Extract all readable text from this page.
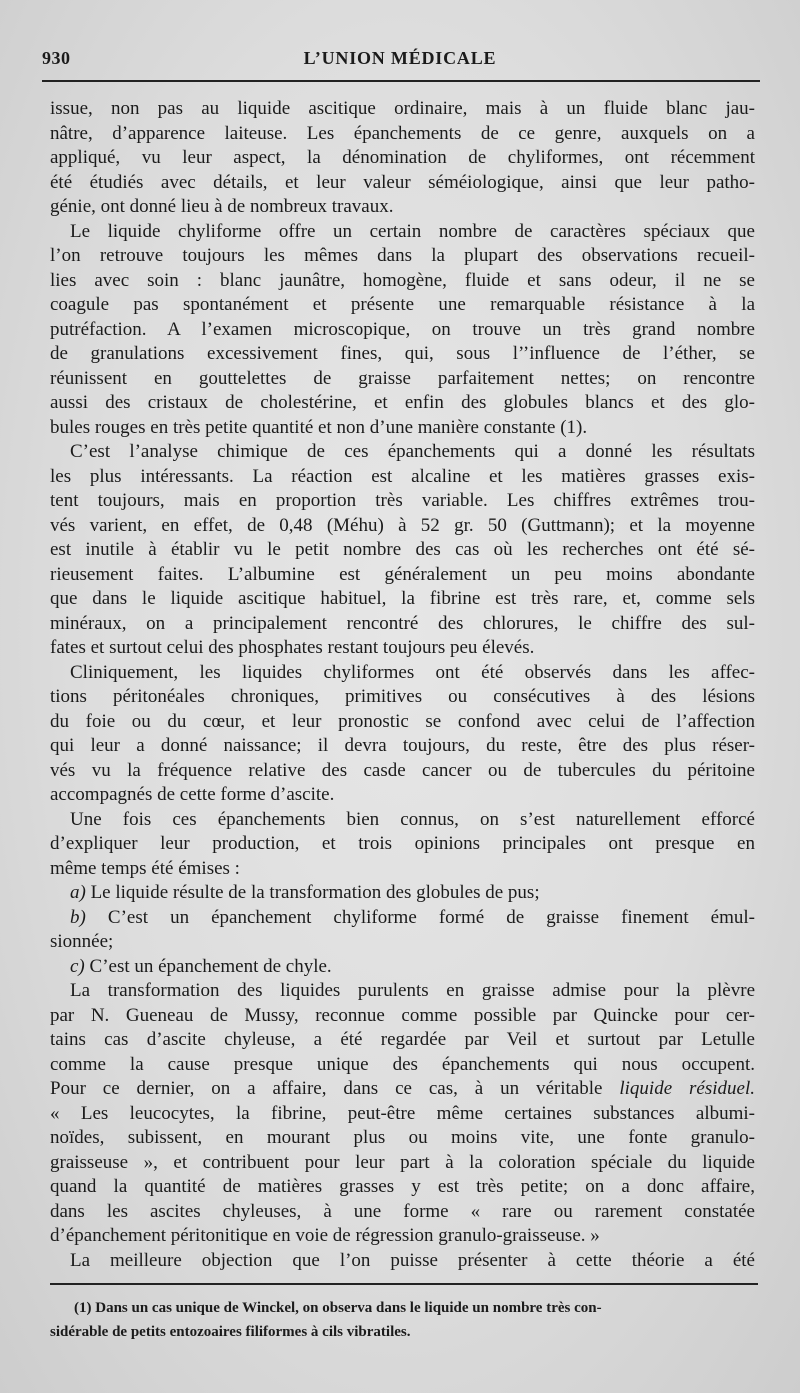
930	L’UNION MÉDICALE
issue, non pas au liquide ascitique ordinaire, mais à un fluide blanc jau-
nâtre, d’apparence laiteuse. Les épanchements de ce genre, auxquels on a
appliqué, vu leur aspect, la dénomination de chyliformes, ont récemment
été étudiés avec détails, et leur valeur séméiologique, ainsi que leur patho-
génie, ont donné lieu à de nombreux travaux.
Le liquide chyliforme offre un certain nombre de caractères spéciaux que
l’on retrouve toujours les mêmes dans la plupart des observations recueil-
lies avec soin : blanc jaunâtre, homogène, fluide et sans odeur, il ne se
coagule pas spontanément et présente une remarquable résistance à la
putréfaction. A l’examen microscopique, on trouve un très grand nombre
de granulations excessivement fines, qui, sous l’’influence de l’éther, se
réunissent en gouttelettes de graisse parfaitement nettes; on rencontre
aussi des cristaux de cholestérine, et enfin des globules blancs et des glo-
bules rouges en très petite quantité et non d’une manière constante (1).
C’est l’analyse chimique de ces épanchements qui a donné les résultats
les plus intéressants. La réaction est alcaline et les matières grasses exis-
tent toujours, mais en proportion très variable. Les chiffres extrêmes trou-
vés varient, en effet, de 0,48 (Méhu) à 52 gr. 50 (Guttmann); et la moyenne
est inutile à établir vu le petit nombre des cas où les recherches ont été sé-
rieusement faites. L’albumine est généralement un peu moins abondante
que dans le liquide ascitique habituel, la fibrine est très rare, et, comme sels
minéraux, on a principalement rencontré des chlorures, le chiffre des sul-
fates et surtout celui des phosphates restant toujours peu élevés.
Cliniquement, les liquides chyliformes ont été observés dans les affec-
tions péritonéales chroniques, primitives ou consécutives à des lésions
du foie ou du cœur, et leur pronostic se confond avec celui de l’affection
qui leur a donné naissance; il devra toujours, du reste, être des plus réser-
vés vu la fréquence relative des casde cancer ou de tubercules du péritoine
accompagnés de cette forme d’ascite.
Une fois ces épanchements bien connus, on s’est naturellement efforcé
d’expliquer leur production, et trois opinions principales ont presque en
même temps été émises :
a) Le liquide résulte de la transformation des globules de pus;
b) C’est un épanchement chyliforme formé de graisse finement émul-
sionnée;
c) C’est un épanchement de chyle.
La transformation des liquides purulents en graisse admise pour la plèvre
par N. Gueneau de Mussy, reconnue comme possible par Quincke pour cer-
tains cas d’ascite chyleuse, a été regardée par Veil et surtout par Letulle
comme la cause presque unique des épanchements qui nous occupent.
Pour ce dernier, on a affaire, dans ce cas, à un véritable liquide résiduel.
« Les leucocytes, la fibrine, peut-être même certaines substances albumi-
noïdes, subissent, en mourant plus ou moins vite, une fonte granulo-
graisseuse », et contribuent pour leur part à la coloration spéciale du liquide
quand la quantité de matières grasses y est très petite; on a donc affaire,
dans les ascites chyleuses, à une forme « rare ou rarement constatée
d’épanchement péritonitique en voie de régression granulo-graisseuse. »
La meilleure objection que l’on puisse présenter à cette théorie a été
(1) Dans un cas unique de Winckel, on observa dans le liquide un nombre très con-
sidérable de petits entozoaires filiformes à cils vibratiles.
